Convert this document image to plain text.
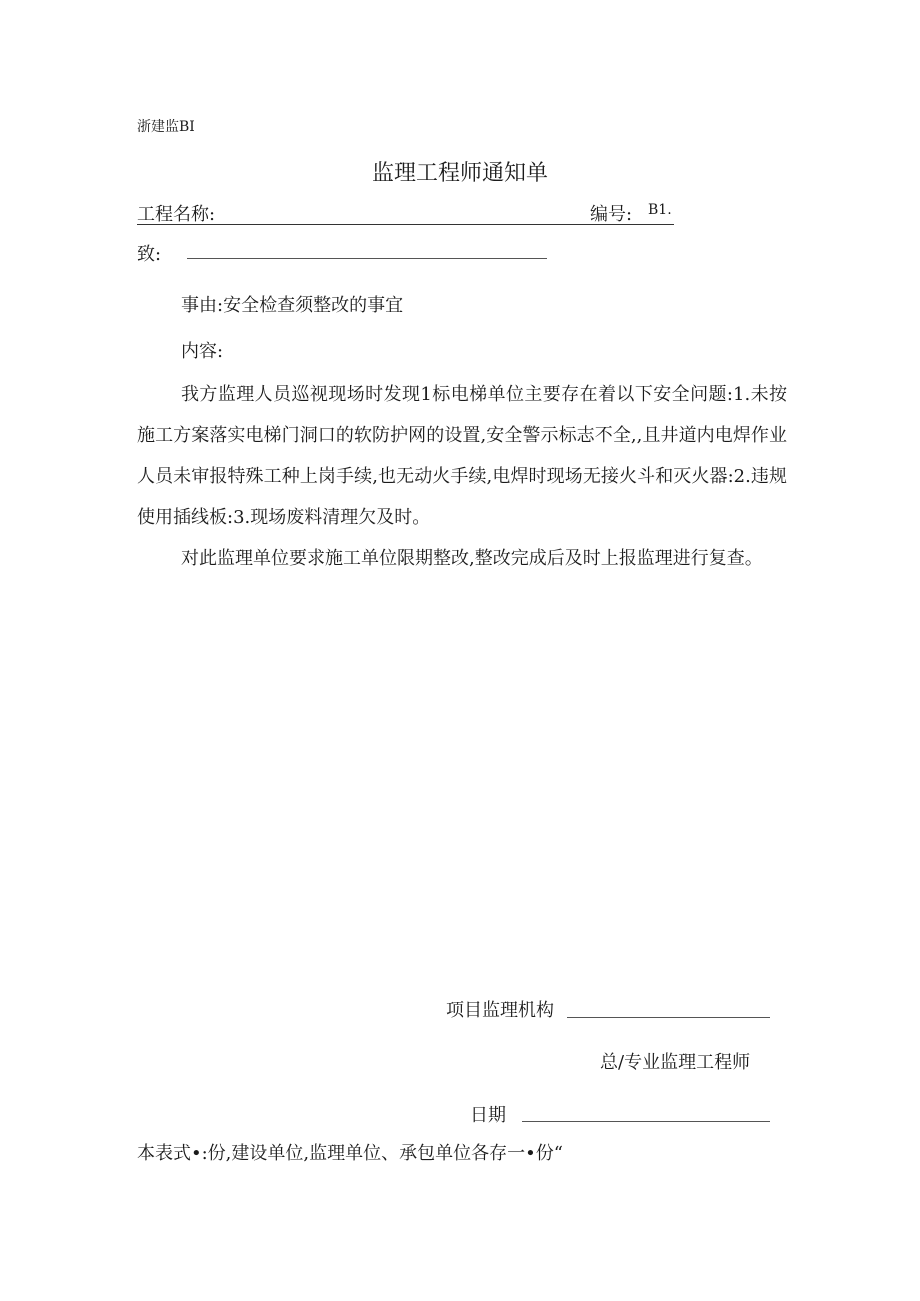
浙建监BI
监理工程师通知单
工程名称:	编号: B1.
致:
事由:安全检查须整改的事宜
内容:

我方监理人员巡视现场时发现1标电梯单位主要存在着以下安全问题:1.未按施工方案落实电梯门洞口的软防护网的设置,安全警示标志不全,,且井道内电焊作业人员未审报特殊工种上岗手续,也无动火手续,电焊时现场无接火斗和灭火器:2.违规使用插线板:3.现场废料清理欠及时。

对此监理单位要求施工单位限期整改,整改完成后及时上报监理进行复查。

项目监理机构
总/专业监理工程师
日期
本表式•:份,建设单位,监理单位、承包单位各存一•份“
